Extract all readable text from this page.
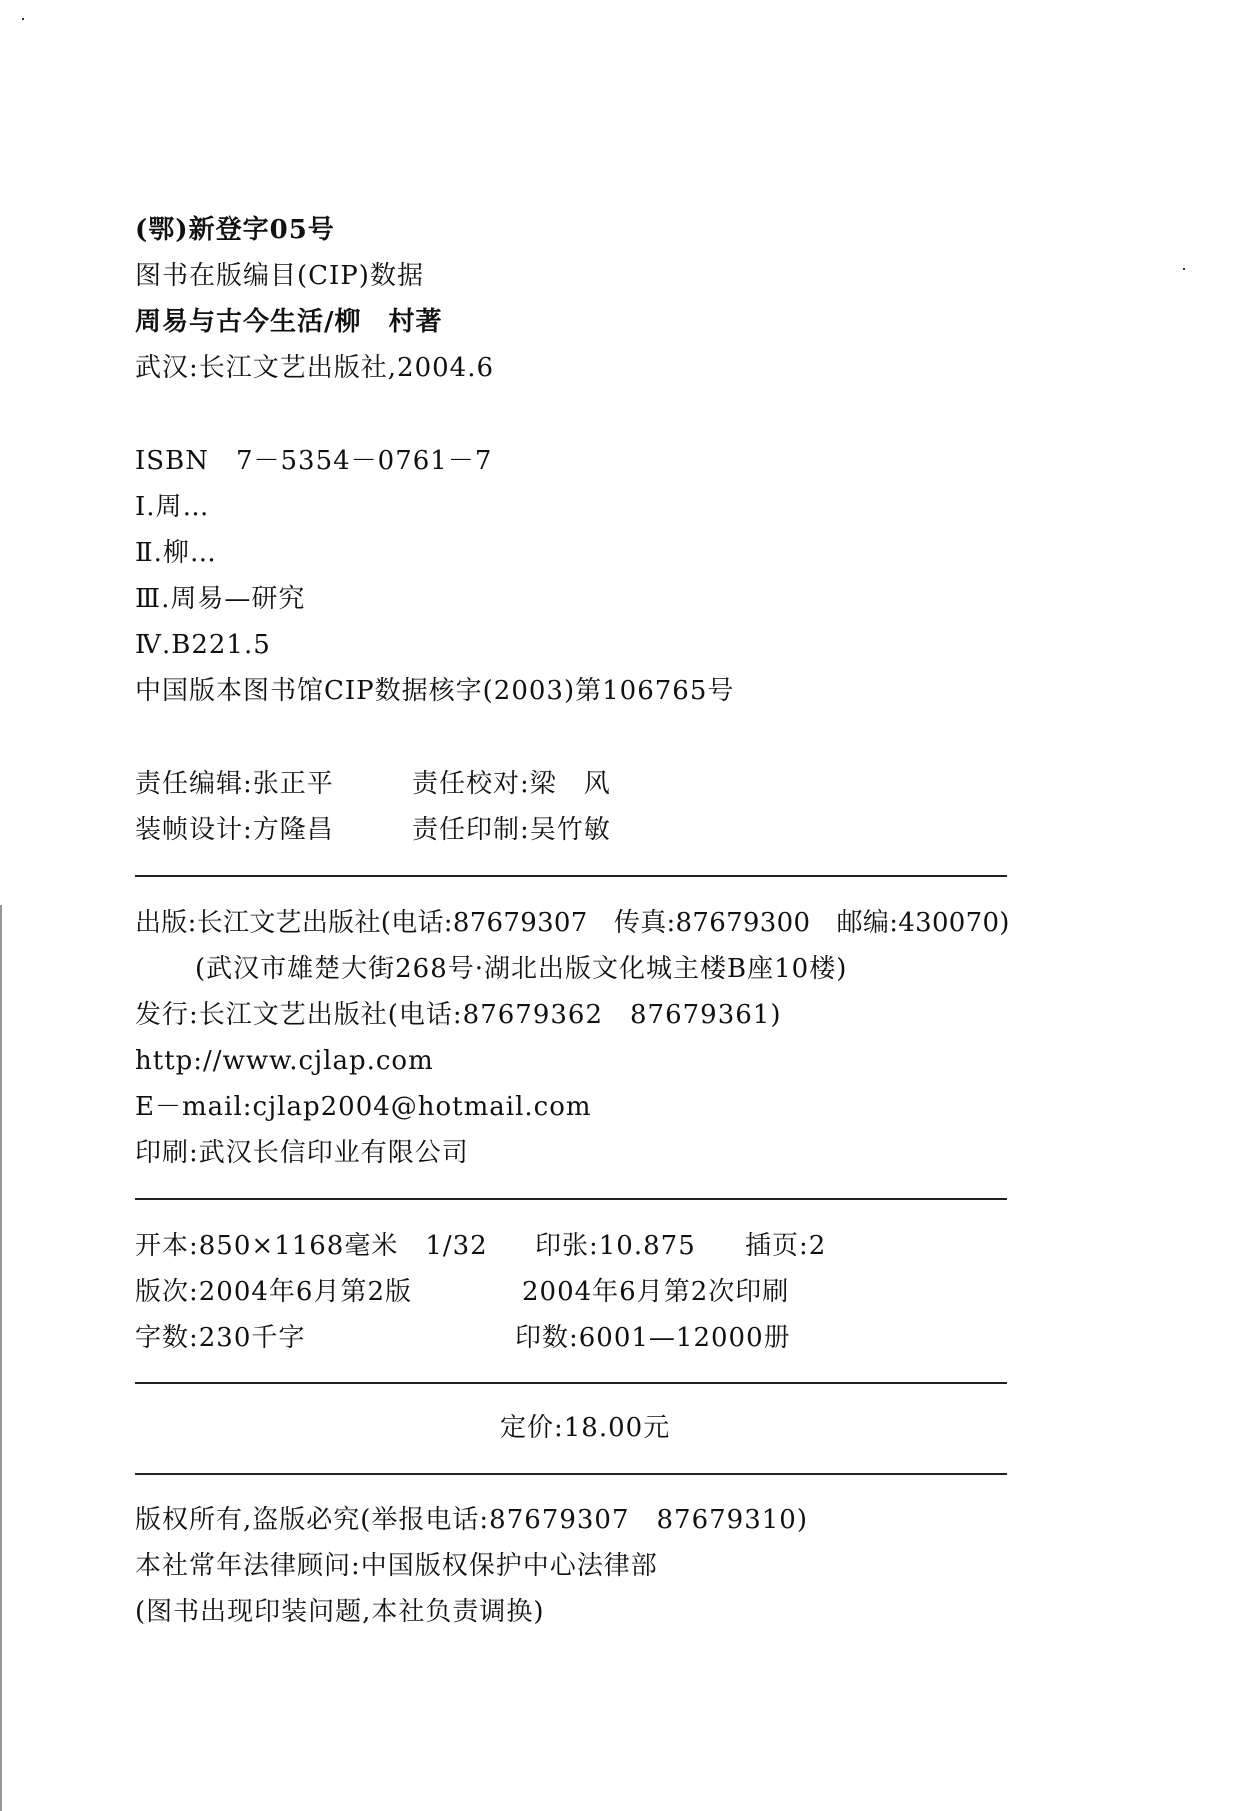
(鄂)新登字05号
图书在版编目(CIP)数据
周易与古今生活/柳　村著
武汉:长江文艺出版社,2004.6
ISBN　7－5354－0761－7
Ⅰ.周…
Ⅱ.柳…
Ⅲ.周易—研究
Ⅳ.B221.5
中国版本图书馆CIP数据核字(2003)第106765号
责任编辑:张正平	责任校对:梁　风
装帧设计:方隆昌	责任印制:吴竹敏
出版:长江文艺出版社(电话:87679307　传真:87679300　邮编:430070)
(武汉市雄楚大街268号·湖北出版文化城主楼B座10楼)
发行:长江文艺出版社(电话:87679362　87679361)
http://www.cjlap.com
E－mail:cjlap2004@hotmail.com
印刷:武汉长信印业有限公司
开本:850×1168毫米　1/32 印张:10.875 插页:2
版次:2004年6月第2版	2004年6月第2次印刷
字数:230千字	印数:6001—12000册
定价:18.00元
版权所有,盗版必究(举报电话:87679307　87679310)
本社常年法律顾问:中国版权保护中心法律部
(图书出现印装问题,本社负责调换)
